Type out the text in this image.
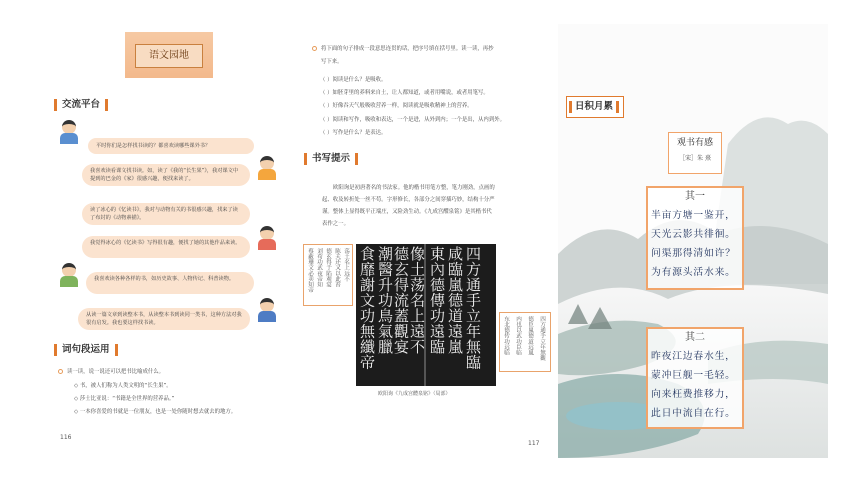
语文园地
交流平台
平时你们是怎样找书读的？都喜欢读哪些课外书？
我喜欢读看课文找书读。如，读了《我的“长生果”》，我对课文中提到的巴金的《家》很感兴趣，便找来读了。
读了冰心的《忆读书》，我对与动物有关的书很感兴趣，找来了读了布封的《动物素描》。
我觉得冰心的《忆读书》写得很有趣，便找了她的其他作品来读。
我喜欢读各种各样的书，如历史故事、人物传记、科普读物。
从读一篇文章到读整本书，从读整本书到读同一类书，这种方法对我很有启发。我也要这样找书读。
词句段运用
读一读，说一说还可以把书比喻成什么。
◇ 书，被人们称为人类文明的“长生果”。
◇ 莎士比亚说：“书籍是全世界的营养品。”
◇ 一本你喜爱的书就是一位朋友，也是一处你随时想去就去的地方。
116
将下面的句子排成一段意思连贯的话，把序号填在括号里。读一读，再抄
写下来。
（ ）阅读是什么？是吸收。
（ ）如胚芽里的养料来自土，让人都知道，或者用嘴说，或者用笔写。
（ ）好像吞天气般吸收营养一样，阅读就是吸收精神上的营养。
（ ）阅读和写作，吸收和表达，一个是进，从外到内；一个是出，从内到外。
（ ）写作是什么？是表达。
书写提示
欧阳询是初唐著名的书法家。他的楷书用笔方整，笔力刚劲，点画的
起、收及转折处一丝不苟。字形修长，各部分之间穿插巧妙，结构十分严
谨。整体上显得既平正端庄，又险劲生动。《九成宫醴泉铭》是其楷书代
表作之一。
蔡蔽珊文必卖知帝 刘苟功武夜帝知 德玄得于陷观宴 陈夫还又以此苔 荡土名上远不 食靡謝文功無纖帝 潮醫升功鳥氣臘
德玄得流蓋觀宴
像土荡名上遠不 東內德傳功遠臨 咸臨嵐德道遠嵐 四方通手立年無臨	东北德传功远临 内也以武功臣临 德臣嵐德道远嵐 四方通手立年無觀
欧阳询《九成宫醴泉铭》（局部）
117
日积月累
观书有感
［宋］朱 熹
其一
半亩方塘一鉴开，
天光云影共徘徊。
问渠那得清如许？
为有源头活水来。
其二
昨夜江边春水生，
蒙冲巨舰一毛轻。
向来枉费推移力，
此日中流自在行。
